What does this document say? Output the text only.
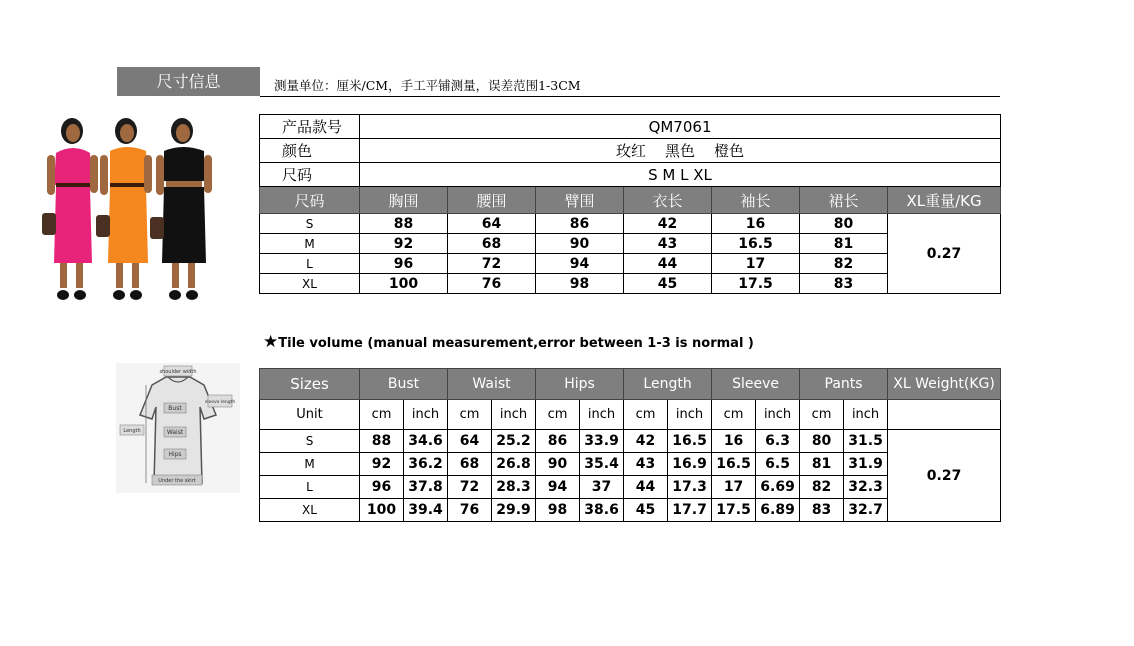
尺寸信息	测量单位：厘米/CM，手工平铺测量，误差范围1-3CM
产品款号	QM7061						
颜色	玫红    黑色    橙色						
尺码	S M L XL						
尺码	胸围	腰围	臂围	衣长	袖长	裙长	XL重量/KG
S	88	64	86	42	16	80	0.27
M	92	68	90	43	16.5	81	
L	96	72	94	44	17	82	
XL	100	76	98	45	17.5	83	
★Tile volume (manual measurement,error between 1-3 is normal )
shoulder width
sleeve length
Length
Bust
Waist
Hips
Under the skirt
Sizes	Bust		Waist		Hips		Length		Sleeve		Pants		XL Weight(KG)
Unit	cm	inch	cm	inch	cm	inch	cm	inch	cm	inch	cm	inch	
S	88	34.6	64	25.2	86	33.9	42	16.5	16	6.3	80	31.5	0.27
M	92	36.2	68	26.8	90	35.4	43	16.9	16.5	6.5	81	31.9	
L	96	37.8	72	28.3	94	37	44	17.3	17	6.69	82	32.3	
XL	100	39.4	76	29.9	98	38.6	45	17.7	17.5	6.89	83	32.7	
